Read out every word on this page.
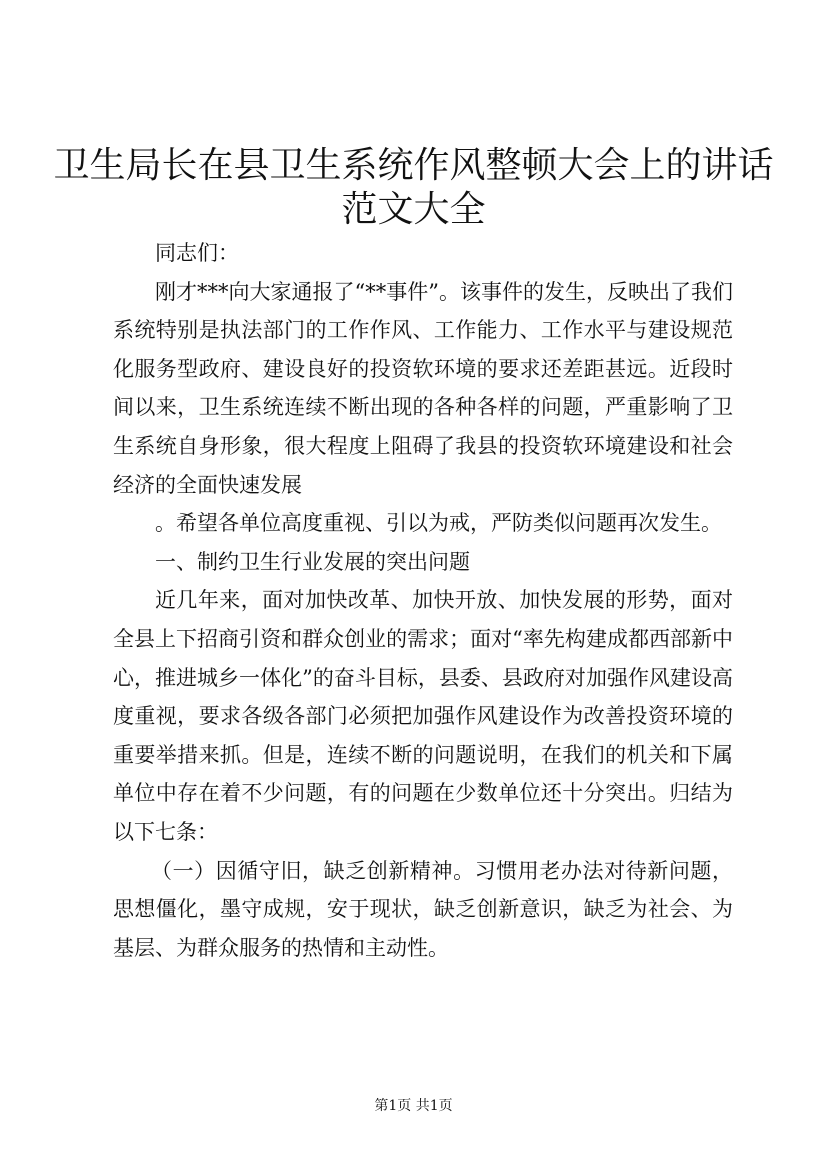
卫生局长在县卫生系统作风整顿大会上的讲话
范文大全

同志们：

刚才***向大家通报了“**事件”。该事件的发生，反映出了我们系统特别是执法部门的工作作风、工作能力、工作水平与建设规范化服务型政府、建设良好的投资软环境的要求还差距甚远。近段时间以来，卫生系统连续不断出现的各种各样的问题，严重影响了卫生系统自身形象，很大程度上阻碍了我县的投资软环境建设和社会经济的全面快速发展

。希望各单位高度重视、引以为戒，严防类似问题再次发生。

一、制约卫生行业发展的突出问题

近几年来，面对加快改革、加快开放、加快发展的形势，面对全县上下招商引资和群众创业的需求；面对“率先构建成都西部新中心，推进城乡一体化”的奋斗目标，县委、县政府对加强作风建设高度重视，要求各级各部门必须把加强作风建设作为改善投资环境的重要举措来抓。但是，连续不断的问题说明，在我们的机关和下属单位中存在着不少问题，有的问题在少数单位还十分突出。归结为以下七条：

（一）因循守旧，缺乏创新精神。习惯用老办法对待新问题，思想僵化，墨守成规，安于现状，缺乏创新意识，缺乏为社会、为基层、为群众服务的热情和主动性。

第1页 共1页
